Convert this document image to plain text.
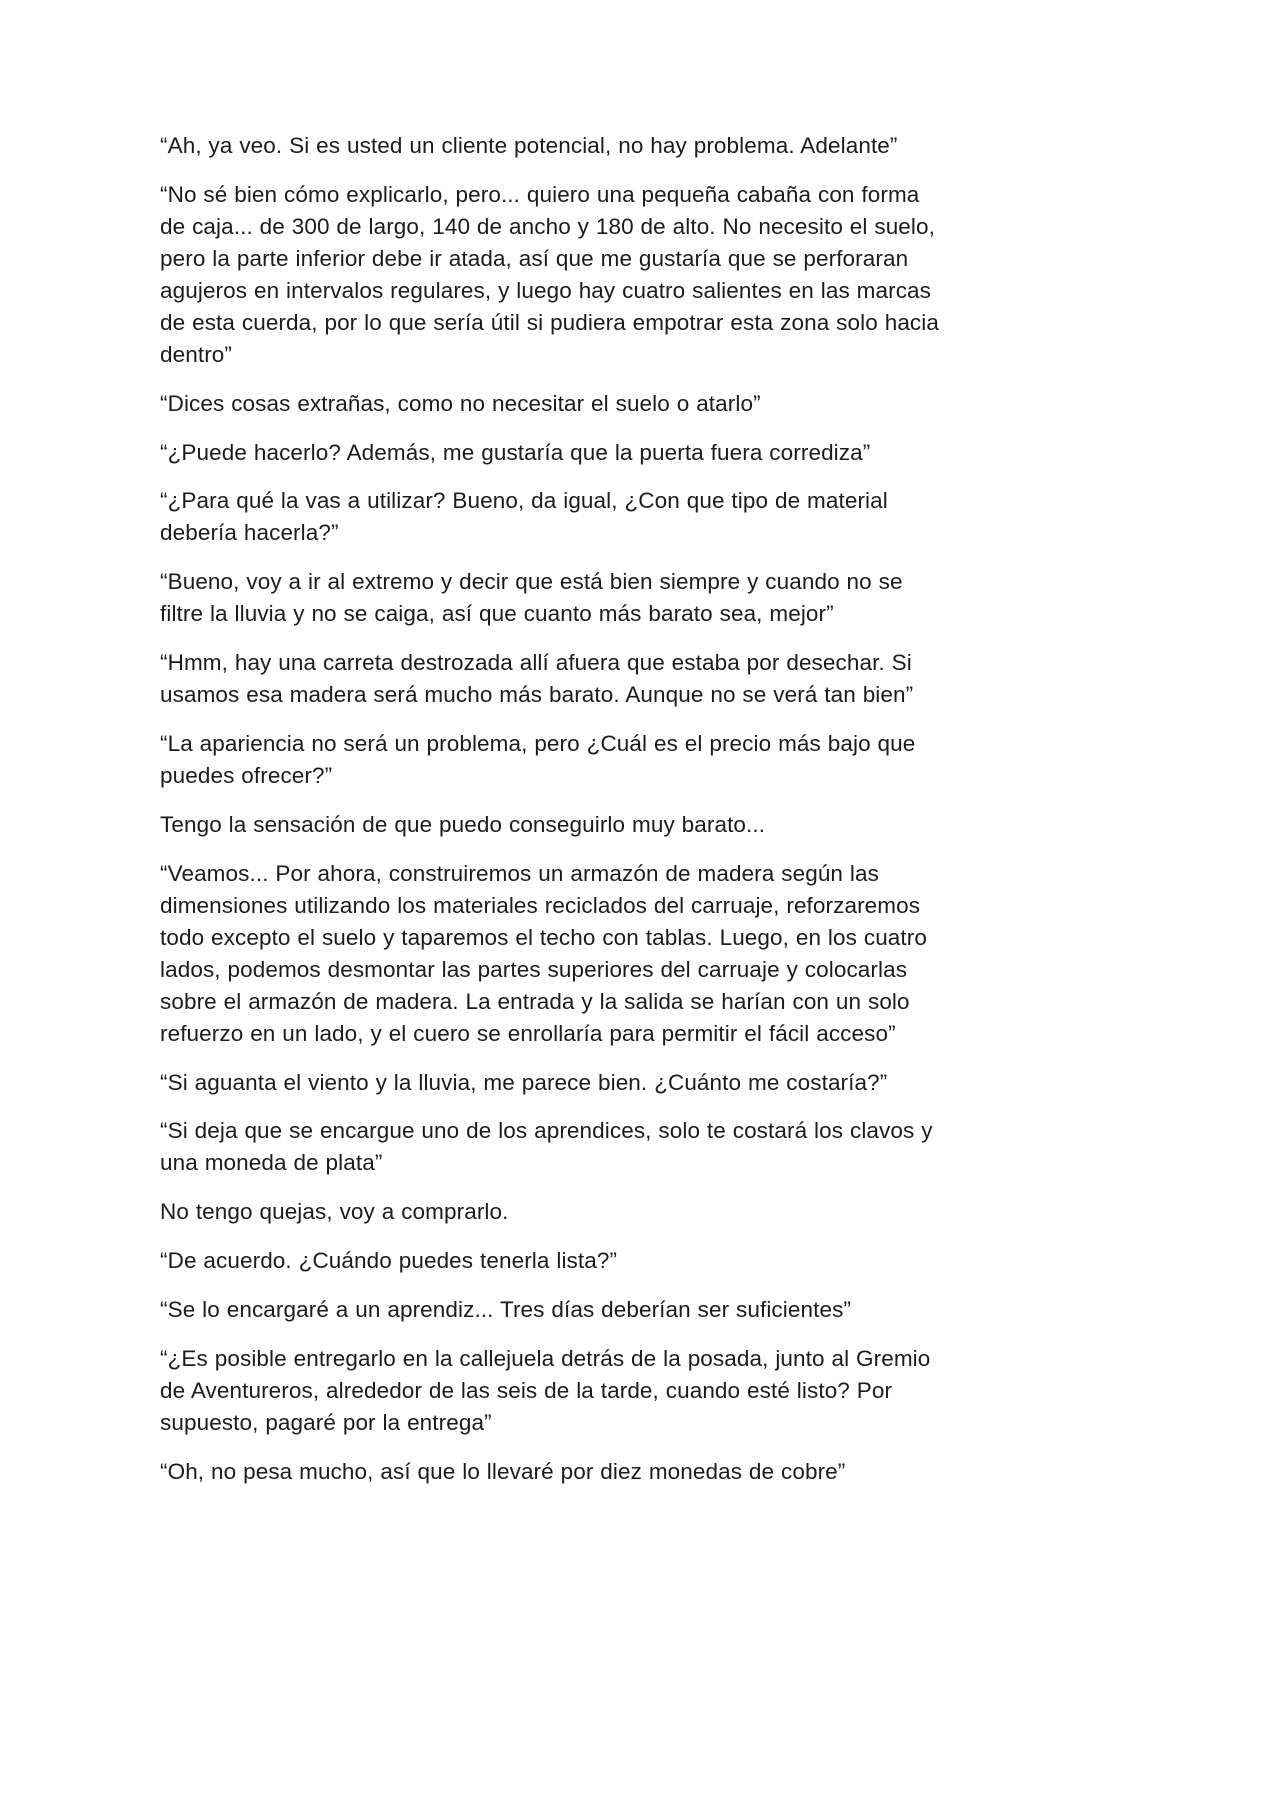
“Ah, ya veo. Si es usted un cliente potencial, no hay problema. Adelante”

“No sé bien cómo explicarlo, pero... quiero una pequeña cabaña con forma de caja... de 300 de largo, 140 de ancho y 180 de alto. No necesito el suelo, pero la parte inferior debe ir atada, así que me gustaría que se perforaran agujeros en intervalos regulares, y luego hay cuatro salientes en las marcas de esta cuerda, por lo que sería útil si pudiera empotrar esta zona solo hacia dentro”

“Dices cosas extrañas, como no necesitar el suelo o atarlo”

“¿Puede hacerlo? Además, me gustaría que la puerta fuera corrediza”

“¿Para qué la vas a utilizar? Bueno, da igual, ¿Con que tipo de material debería hacerla?”

“Bueno, voy a ir al extremo y decir que está bien siempre y cuando no se filtre la lluvia y no se caiga, así que cuanto más barato sea, mejor”

“Hmm, hay una carreta destrozada allí afuera que estaba por desechar. Si usamos esa madera será mucho más barato. Aunque no se verá tan bien”

“La apariencia no será un problema, pero ¿Cuál es el precio más bajo que puedes ofrecer?”

Tengo la sensación de que puedo conseguirlo muy barato...

“Veamos... Por ahora, construiremos un armazón de madera según las dimensiones utilizando los materiales reciclados del carruaje, reforzaremos todo excepto el suelo y taparemos el techo con tablas. Luego, en los cuatro lados, podemos desmontar las partes superiores del carruaje y colocarlas sobre el armazón de madera. La entrada y la salida se harían con un solo refuerzo en un lado, y el cuero se enrollaría para permitir el fácil acceso”

“Si aguanta el viento y la lluvia, me parece bien. ¿Cuánto me costaría?”

“Si deja que se encargue uno de los aprendices, solo te costará los clavos y una moneda de plata”

No tengo quejas, voy a comprarlo.

“De acuerdo. ¿Cuándo puedes tenerla lista?”

“Se lo encargaré a un aprendiz... Tres días deberían ser suficientes”

“¿Es posible entregarlo en la callejuela detrás de la posada, junto al Gremio de Aventureros, alrededor de las seis de la tarde, cuando esté listo? Por supuesto, pagaré por la entrega”

“Oh, no pesa mucho, así que lo llevaré por diez monedas de cobre”
